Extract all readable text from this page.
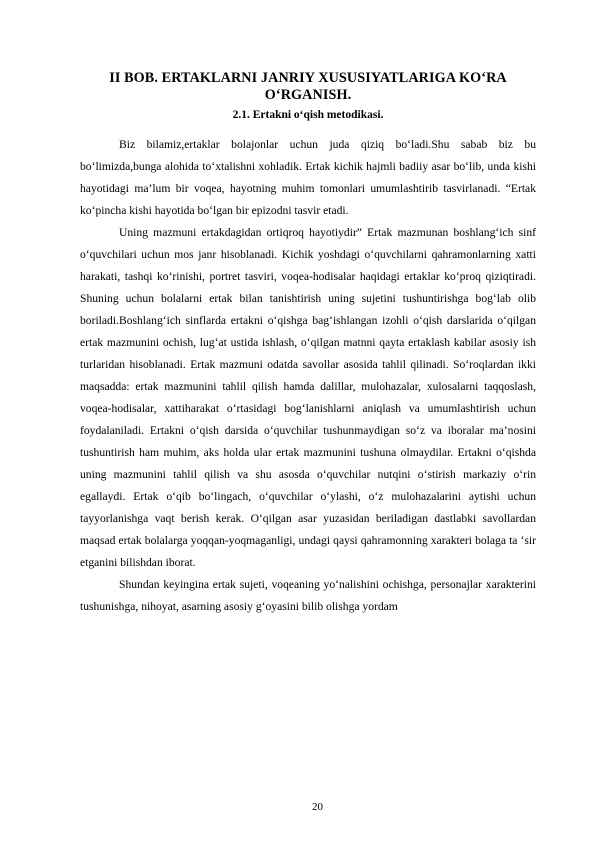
II BOB. ERTAKLARNI JANRIY XUSUSIYATLARIGA KO‘RA O‘RGANISH.
2.1. Ertakni o‘qish metodikasi.

Biz bilamiz,ertaklar bolajonlar uchun juda qiziq bo‘ladi.Shu sabab biz bu bo‘limizda,bunga alohida to‘xtalishni xohladik. Ertak kichik hajmli badiiy asar bo‘lib, unda kishi hayotidagi ma’lum bir voqea, hayotning muhim tomonlari umumlashtirib tasvirlanadi. “Ertak ko‘pincha kishi hayotida bo‘lgan bir epizodni tasvir etadi.

Uning mazmuni ertakdagidan ortiqroq hayotiydir” Ertak mazmunan boshlang‘ich sinf o‘quvchilari uchun mos janr hisoblanadi. Kichik yoshdagi o‘quvchilarni qahramonlarning xatti harakati, tashqi ko‘rinishi, portret tasviri, voqea-hodisalar haqidagi ertaklar ko‘proq qiziqtiradi. Shuning uchun bolalarni ertak bilan tanishtirish uning sujetini tushuntirishga bog‘lab olib boriladi.Boshlang‘ich sinflarda ertakni o‘qishga bag‘ishlangan izohli o‘qish darslarida o‘qilgan ertak mazmunini ochish, lug‘at ustida ishlash, o‘qilgan matnni qayta ertaklash kabilar asosiy ish turlaridan hisoblanadi. Ertak mazmuni odatda savollar asosida tahlil qilinadi. So‘roqlardan ikki maqsadda: ertak mazmunini tahlil qilish hamda dalillar, mulohazalar, xulosalarni taqqoslash, voqea-hodisalar, xattiharakat o‘rtasidagi bog‘lanishlarni aniqlash va umumlashtirish uchun foydalaniladi. Ertakni o‘qish darsida o‘quvchilar tushunmaydigan so‘z va iboralar ma’nosini tushuntirish ham muhim, aks holda ular ertak mazmunini tushuna olmaydilar. Ertakni o‘qishda uning mazmunini tahlil qilish va shu asosda o‘quvchilar nutqini o‘stirish markaziy o‘rin egallaydi. Ertak o‘qib bo‘lingach, o‘quvchilar o‘ylashi, o‘z mulohazalarini aytishi uchun tayyorlanishga vaqt berish kerak. O‘qilgan asar yuzasidan beriladigan dastlabki savollardan maqsad ertak bolalarga yoqqan-yoqmaganligi, undagi qaysi qahramonning xarakteri bolaga ta ‘sir etganini bilishdan iborat.

Shundan keyingina ertak sujeti, voqeaning yo‘nalishini ochishga, personajlar xarakterini tushunishga, nihoyat, asarning asosiy g‘oyasini bilib olishga yordam

20
